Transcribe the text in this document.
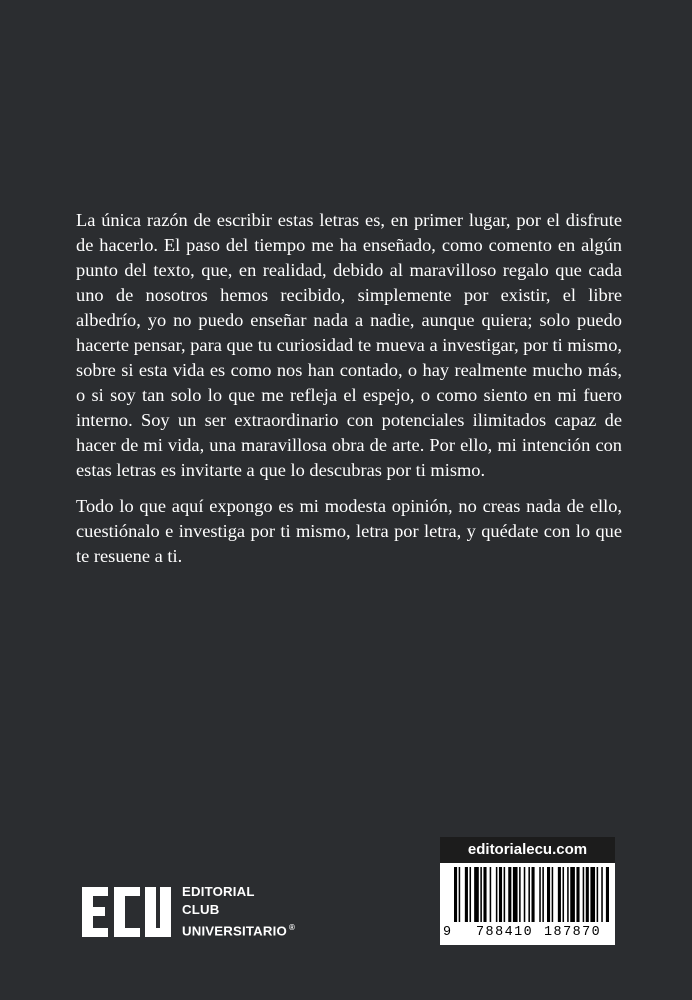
La única razón de escribir estas letras es, en primer lugar, por el disfrute de hacerlo. El paso del tiempo me ha enseñado, como comento en algún punto del texto, que, en realidad, debido al maravilloso regalo que cada uno de nosotros hemos recibido, simplemente por existir, el libre albedrío, yo no puedo enseñar nada a nadie, aunque quiera; solo puedo hacerte pensar, para que tu curiosidad te mueva a investigar, por ti mismo, sobre si esta vida es como nos han contado, o hay realmente mucho más, o si soy tan solo lo que me refleja el espejo, o como siento en mi fuero interno. Soy un ser extraordinario con potenciales ilimitados capaz de hacer de mi vida, una maravillosa obra de arte. Por ello, mi intención con estas letras es invitarte a que lo descubras por ti mismo.

Todo lo que aquí expongo es mi modesta opinión, no creas nada de ello, cuestiónalo e investiga por ti mismo, letra por letra, y quédate con lo que te resuene a ti.

EDITORIAL
CLUB
UNIVERSITARIO ®
editorialecu.com
9 788410 187870
